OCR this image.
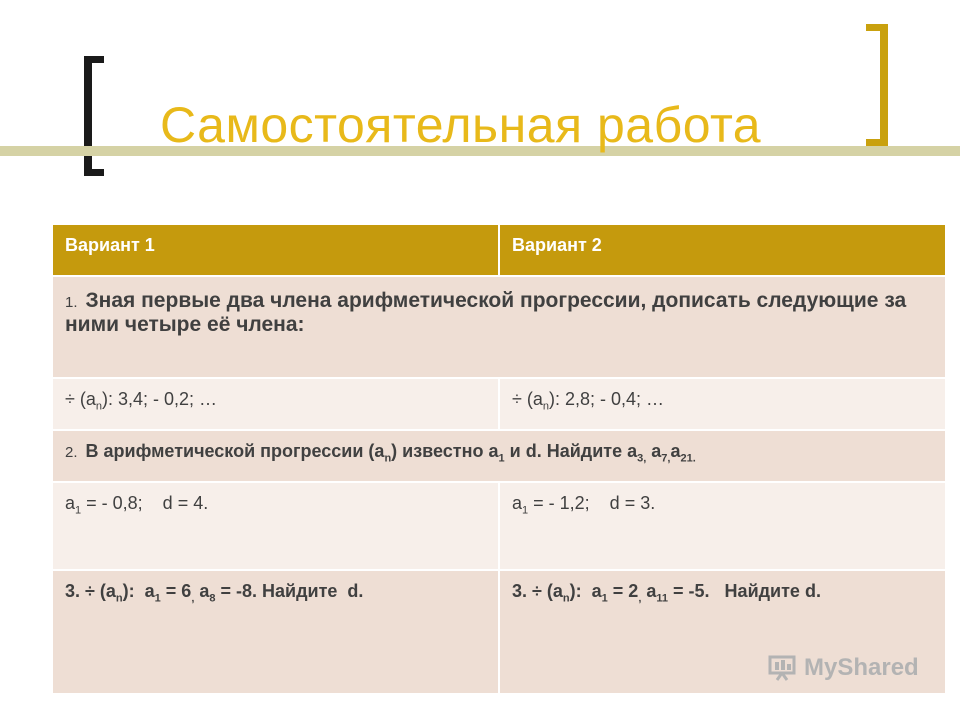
Самостоятельная работа
Вариант 1	Вариант 2
1. Зная первые два члена арифметической прогрессии, дописать следующие за ними четыре её члена:	
÷ $(a_n)$: 3,4; - 0,2; …	÷ $(a_n)$: 2,8; - 0,4; …
2. В арифметической прогрессии $(a_n)$ известно $a_1$ и d. Найдите $a_{3,}$ $a_{7,}a_{21.}$
$a_1$ = - 0,8;    d = 4.	$a_1$ = - 1,2;    d = 3.
3. ÷ $(a_n)$:  $a_1 = 6_,$ $a_8 = -8$. Найдите  d.	3. ÷ $(a_n)$:  $a_1 = 2_,$ $a_{11} = -5$.   Найдите d.
MyShared
